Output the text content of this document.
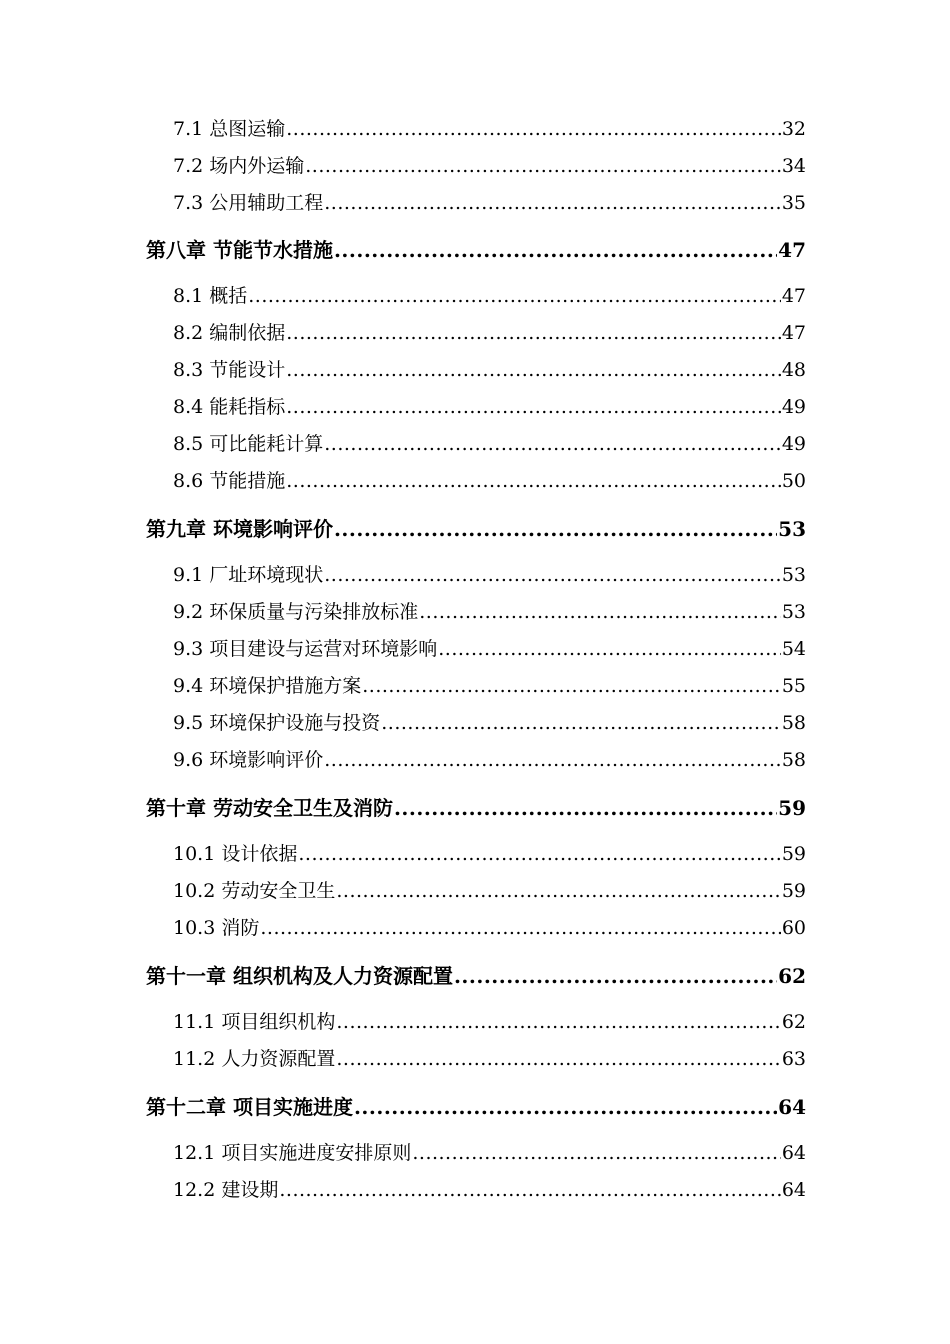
7.1 总图运输 .....	32
7.2 场内外运输 .....	34
7.3 公用辅助工程 .....	35
第八章 节能节水措施 .....	47
8.1 概括 .....	47
8.2 编制依据 .....	47
8.3 节能设计 .....	48
8.4 能耗指标 .....	49
8.5 可比能耗计算 .....	49
8.6 节能措施 .....	50
第九章 环境影响评价 .....	53
9.1 厂址环境现状 .....	53
9.2 环保质量与污染排放标准 .....	53
9.3 项目建设与运营对环境影响 .....	54
9.4 环境保护措施方案 .....	55
9.5 环境保护设施与投资 .....	58
9.6 环境影响评价 .....	58
第十章 劳动安全卫生及消防 .....	59
10.1 设计依据 .....	59
10.2 劳动安全卫生 .....	59
10.3 消防 .....	60
第十一章 组织机构及人力资源配置 .....	62
11.1 项目组织机构 .....	62
11.2 人力资源配置 .....	63
第十二章 项目实施进度 .....	64
12.1 项目实施进度安排原则 .....	64
12.2 建设期 .....	64
